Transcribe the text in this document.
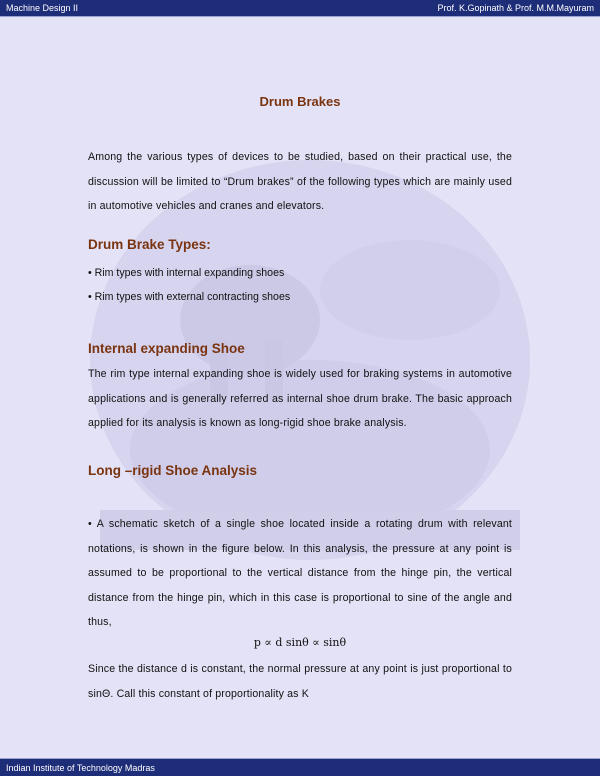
Machine Design II	Prof. K.Gopinath & Prof. M.M.Mayuram
Drum Brakes

Among the various types of devices to be studied, based on their practical use, the discussion will be limited to “Drum brakes” of the following types which are mainly used in automotive vehicles and cranes and elevators.

Drum Brake Types:

• Rim types with internal expanding shoes

• Rim types with external contracting shoes

Internal expanding Shoe

The rim type internal expanding shoe is widely used for braking systems in automotive applications and is generally referred as internal shoe drum brake. The basic approach applied for its analysis is known as long-rigid shoe brake analysis.

Long –rigid Shoe Analysis

• A schematic sketch of a single shoe located inside a rotating drum with relevant notations, is shown in the figure below. In this analysis, the pressure at any point is assumed to be proportional to the vertical distance from the hinge pin, the vertical distance from the hinge pin, which in this case is proportional to sine of the angle and thus,

p ∝ d sinθ ∝ sinθ

Since the distance d is constant, the normal pressure at any point is just proportional to sinΘ. Call this constant of proportionality as K

Indian Institute of Technology Madras
